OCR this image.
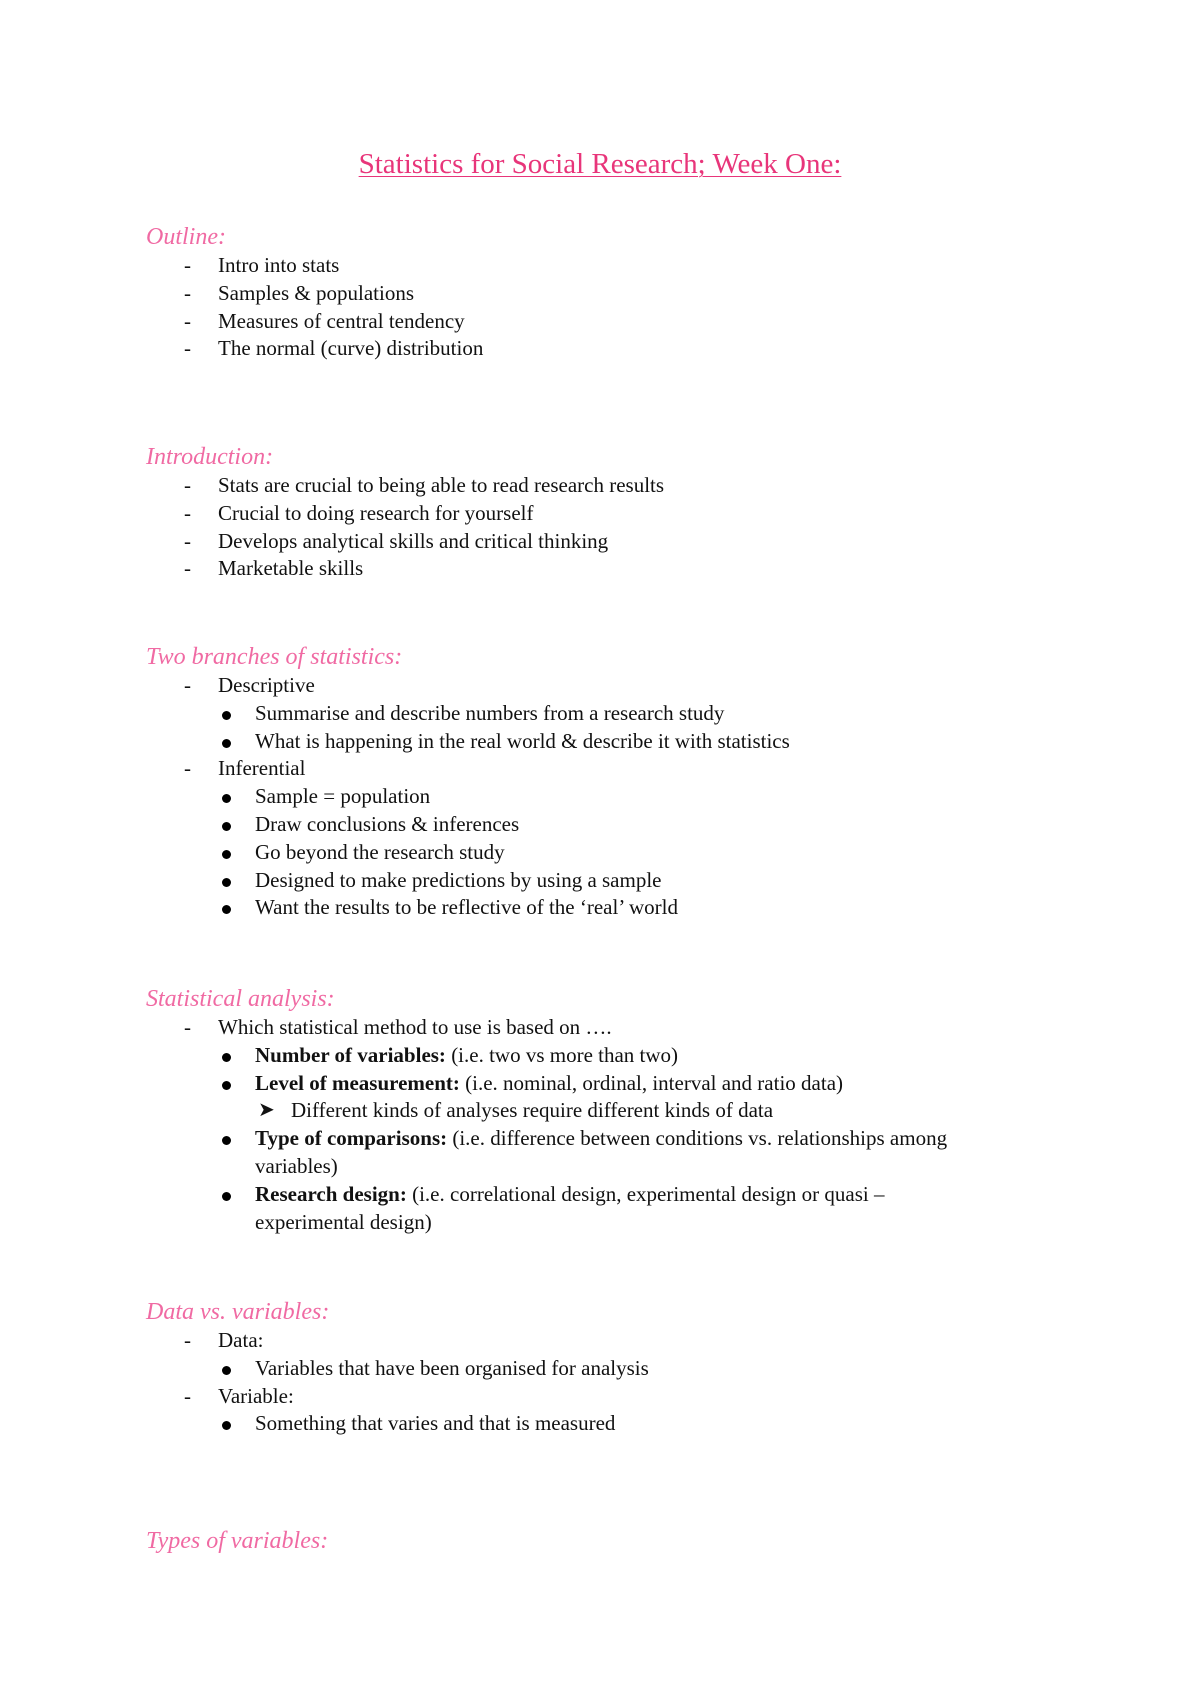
Statistics for Social Research; Week One:
Outline:
- Intro into stats
- Samples & populations
- Measures of central tendency
- The normal (curve) distribution
Introduction:
- Stats are crucial to being able to read research results
- Crucial to doing research for yourself
- Develops analytical skills and critical thinking
- Marketable skills
Two branches of statistics:
- Descriptive
Summarise and describe numbers from a research study
What is happening in the real world & describe it with statistics
- Inferential
Sample = population
Draw conclusions & inferences
Go beyond the research study
Designed to make predictions by using a sample
Want the results to be reflective of the ‘real’ world
Statistical analysis:
- Which statistical method to use is based on ….
Number of variables: (i.e. two vs more than two)
Level of measurement: (i.e. nominal, ordinal, interval and ratio data)
➤ Different kinds of analyses require different kinds of data
Type of comparisons: (i.e. difference between conditions vs. relationships among
variables)
Research design: (i.e. correlational design, experimental design or quasi –
experimental design)
Data vs. variables:
- Data:
Variables that have been organised for analysis
- Variable:
Something that varies and that is measured
Types of variables:
